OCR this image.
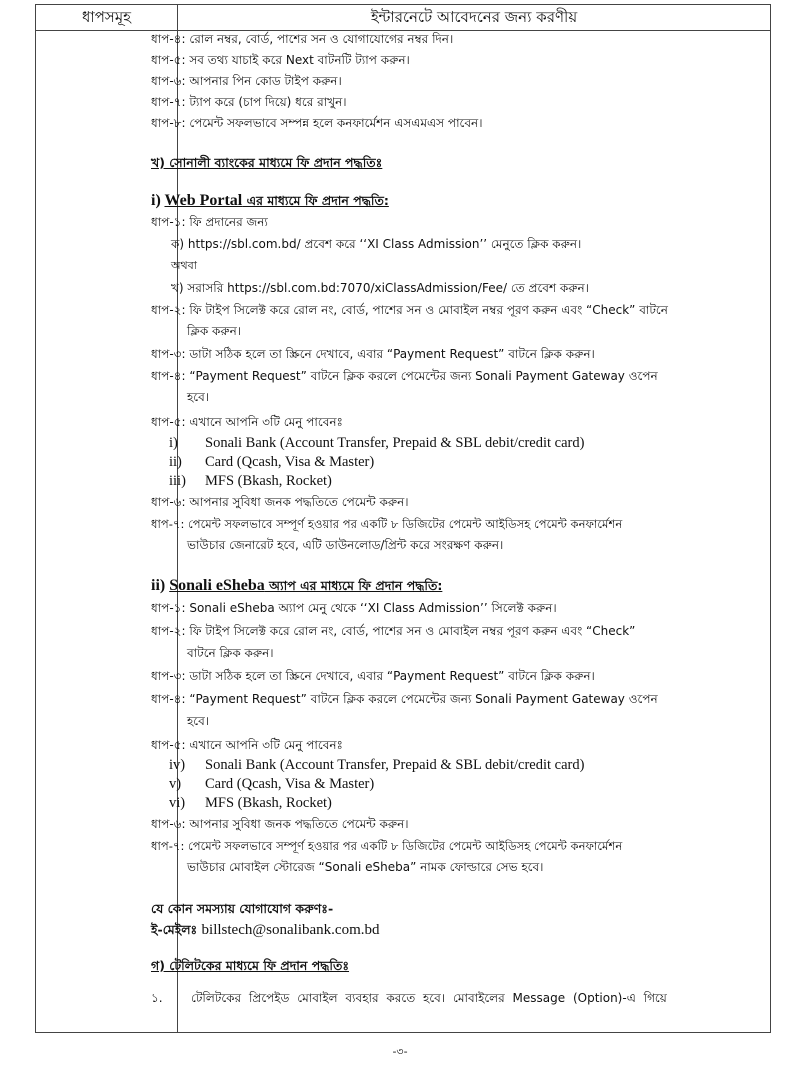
ধাপসমূহ	ইন্টারনেটে আবেদনের জন্য করণীয়

ধাপ-৪: রোল নম্বর, বোর্ড, পাশের সন ও যোগাযোগের নম্বর দিন।

ধাপ-৫: সব তথ্য যাচাই করে Next বাটনটি ট্যাপ করুন।

ধাপ-৬: আপনার পিন কোড টাইপ করুন।

ধাপ-৭: ট্যাপ করে (চাপ দিয়ে) ধরে রাখুন।

ধাপ-৮: পেমেন্ট সফলভাবে সম্পন্ন হলে কনফার্মেশন এসএমএস পাবেন।

খ) সোনালী ব্যাংকের মাধ্যমে ফি প্রদান পদ্ধতিঃ

i) Web Portal এর মাধ্যমে ফি প্রদান পদ্ধতি:

ধাপ-১: ফি প্রদানের জন্য

ক) https://sbl.com.bd/ প্রবেশ করে ‘‘XI Class Admission’’ মেনুতে ক্লিক করুন।

অথবা

খ) সরাসরি https://sbl.com.bd:7070/xiClassAdmission/Fee/ তে প্রবেশ করুন।

ধাপ-২: ফি টাইপ সিলেক্ট করে রোল নং, বোর্ড, পাশের সন ও মোবাইল নম্বর পূরণ করুন এবং “Check” বাটনে

ক্লিক করুন।

ধাপ-৩: ডাটা সঠিক হলে তা স্ক্রিনে দেখাবে, এবার “Payment Request” বাটনে ক্লিক করুন।

ধাপ-৪: “Payment Request” বাটনে ক্লিক করলে পেমেন্টের জন্য Sonali Payment Gateway ওপেন

হবে।

ধাপ-৫: এখানে আপনি ৩টি মেনু পাবেনঃ

i) Sonali Bank (Account Transfer, Prepaid & SBL debit/credit card)
ii) Card (Qcash, Visa & Master)
iii) MFS (Bkash, Rocket)

ধাপ-৬: আপনার সুবিধা জনক পদ্ধতিতে পেমেন্ট করুন।

ধাপ-৭: পেমেন্ট সফলভাবে সম্পূর্ণ হওয়ার পর একটি ৮ ডিজিটের পেমেন্ট আইডিসহ পেমেন্ট কনফার্মেশন

ভাউচার জেনারেট হবে, এটি ডাউনলোড/প্রিন্ট করে সংরক্ষণ করুন।

ii) Sonali eSheba অ্যাপ এর মাধ্যমে ফি প্রদান পদ্ধতি:

ধাপ-১: Sonali eSheba অ্যাপ মেনু থেকে ‘‘XI Class Admission’’ সিলেক্ট করুন।

ধাপ-২: ফি টাইপ সিলেক্ট করে রোল নং, বোর্ড, পাশের সন ও মোবাইল নম্বর পূরণ করুন এবং “Check”

বাটনে ক্লিক করুন।

ধাপ-৩: ডাটা সঠিক হলে তা স্ক্রিনে দেখাবে, এবার “Payment Request” বাটনে ক্লিক করুন।

ধাপ-৪: “Payment Request” বাটনে ক্লিক করলে পেমেন্টের জন্য Sonali Payment Gateway ওপেন

হবে।

ধাপ-৫: এখানে আপনি ৩টি মেনু পাবেনঃ

iv) Sonali Bank (Account Transfer, Prepaid & SBL debit/credit card)
v) Card (Qcash, Visa & Master)
vi) MFS (Bkash, Rocket)

ধাপ-৬: আপনার সুবিধা জনক পদ্ধতিতে পেমেন্ট করুন।

ধাপ-৭: পেমেন্ট সফলভাবে সম্পূর্ণ হওয়ার পর একটি ৮ ডিজিটের পেমেন্ট আইডিসহ পেমেন্ট কনফার্মেশন

ভাউচার মোবাইল স্টোরেজ “Sonali eSheba” নামক ফোল্ডারে সেভ হবে।

যে কোন সমস্যায় যোগাযোগ করুণঃ-

ই-মেইলঃ billstech@sonalibank.com.bd

গ) টেলিটকের মাধ্যমে ফি প্রদান পদ্ধতিঃ

১. টেলিটকের প্রিপেইড মোবাইল ব্যবহার করতে হবে। মোবাইলের Message (Option)-এ গিয়ে

-৩-
